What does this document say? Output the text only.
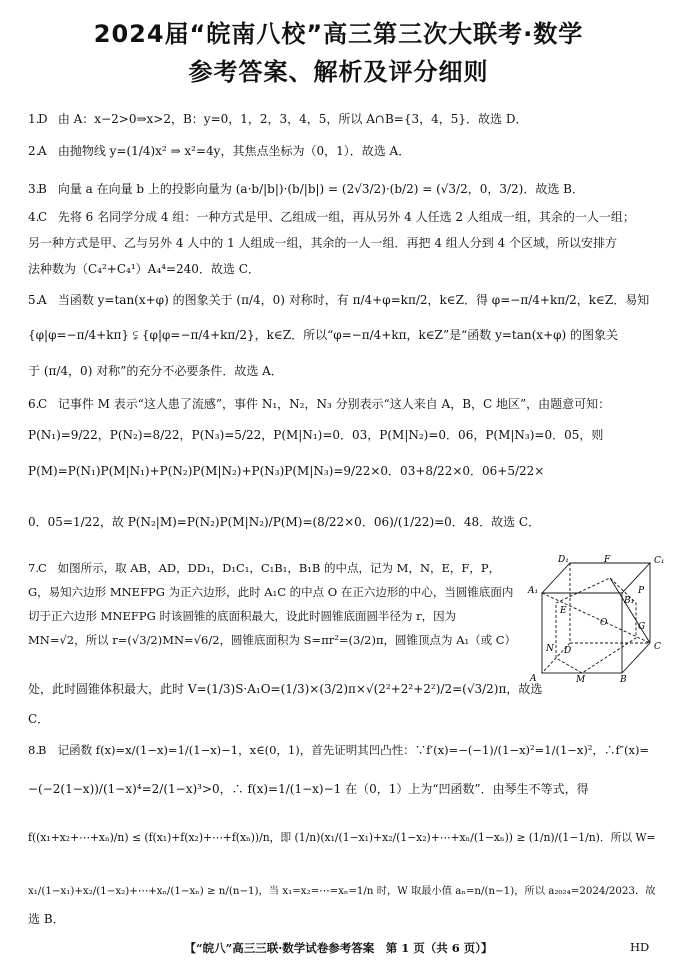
2024届“皖南八校”高三第三次大联考·数学
参考答案、解析及评分细则
1.D 由 A：x−2>0⇒x>2，B：y=0，1，2，3，4，5，所以 A∩B={3，4，5}．故选 D．
2.A 由抛物线 y=(1/4)x² ⇒ x²=4y，其焦点坐标为（0，1）．故选 A．
3.B 向量 a 在向量 b 上的投影向量为 (a·b/|b|)·(b/|b|) = (2√3/2)·(b/2) = (√3/2，0，3/2)．故选 B．
4.C 先将 6 名同学分成 4 组：一种方式是甲、乙组成一组，再从另外 4 人任选 2 人组成一组，其余的一人一组；
另一种方式是甲、乙与另外 4 人中的 1 人组成一组，其余的一人一组．再把 4 组人分到 4 个区域，所以安排方
法种数为（C₄²+C₄¹）A₄⁴=240．故选 C．
5.A 当函数 y=tan(x+φ) 的图象关于 (π/4，0) 对称时，有 π/4+φ=kπ/2，k∈Z．得 φ=−π/4+kπ/2，k∈Z．易知
{φ|φ=−π/4+kπ} ⫋ {φ|φ=−π/4+kπ/2}，k∈Z．所以“φ=−π/4+kπ，k∈Z”是“函数 y=tan(x+φ) 的图象关
于 (π/4，0) 对称”的充分不必要条件．故选 A．
6.C 记事件 M 表示“这人患了流感”，事件 N₁，N₂，N₃ 分别表示“这人来自 A，B，C 地区”，由题意可知：
P(N₁)=9/22，P(N₂)=8/22，P(N₃)=5/22，P(M|N₁)=0．03，P(M|N₂)=0．06，P(M|N₃)=0．05，则
P(M)=P(N₁)P(M|N₁)+P(N₂)P(M|N₂)+P(N₃)P(M|N₃)=9/22×0．03+8/22×0．06+5/22×
0．05=1/22，故 P(N₂|M)=P(N₂)P(M|N₂)/P(M)=(8/22×0．06)/(1/22)=0．48．故选 C．
7.C 如图所示，取 AB，AD，DD₁，D₁C₁，C₁B₁，B₁B 的中点，记为 M，N，E，F，P，G，易知六边形 MNEFPG 为正六边形，此时 A₁C 的中点 O 在正六边形的中心，当圆锥底面内切于正六边形 MNEFPG 时该圆锥的底面积最大，设此时圆锥底面圆半径为 r，因为 MN=√2，所以 r=(√3/2)MN=√6/2，圆锥底面积为 S=πr²=(3/2)π，圆锥顶点为 A₁（或 C）
处，此时圆锥体积最大，此时 V=(1/3)S·A₁O=(1/3)×(3/2)π×√(2²+2²+2²)/2=(√3/2)π，故选
C．
D₁	F	C₁
A₁
B₁
P
E
O	G
N D	C
A	M	B
8.B 记函数 f(x)=x/(1−x)=1/(1−x)−1，x∈(0，1)，首先证明其凹凸性：∵f′(x)=−(−1)/(1−x)²=1/(1−x)²，∴f″(x)=
−(−2(1−x))/(1−x)⁴=2/(1−x)³>0，∴ f(x)=1/(1−x)−1 在（0，1）上为“凹函数”．由琴生不等式，得
f((x₁+x₂+⋯+xₙ)/n) ≤ (f(x₁)+f(x₂)+⋯+f(xₙ))/n，即 (1/n)(x₁/(1−x₁)+x₂/(1−x₂)+⋯+xₙ/(1−xₙ)) ≥ (1/n)/(1−1/n)．所以 W=
x₁/(1−x₁)+x₂/(1−x₂)+⋯+xₙ/(1−xₙ) ≥ n/(n−1)，当 x₁=x₂=⋯=xₙ=1/n 时，W 取最小值 aₙ=n/(n−1)，所以 a₂₀₂₄=2024/2023．故
选 B．
【“皖八”高三三联·数学试卷参考答案　第 1 页（共 6 页）】	HD
